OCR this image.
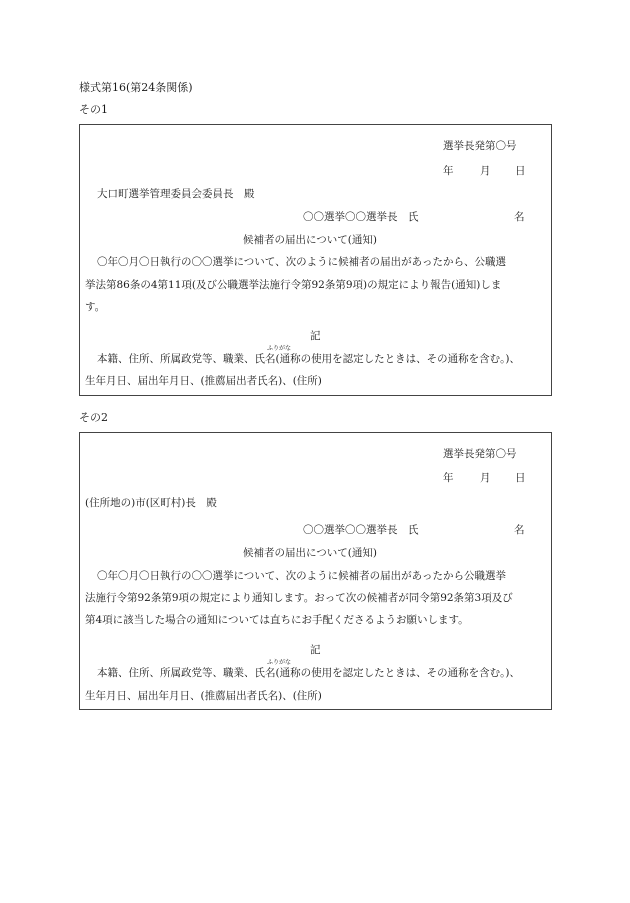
様式第16(第24条関係)
その1
選挙長発第〇号
年	月 日
大口町選挙管理委員会委員長　殿
〇〇選挙〇〇選挙長　氏	名
候補者の届出について(通知)
〇年〇月〇日執行の〇〇選挙について、次のように候補者の届出があったから、公職選
挙法第86条の4第11項(及び公職選挙法施行令第92条第9項)の規定により報告(通知)しま
す。
記
ふりがな
本籍、住所、所属政党等、職業、氏名(通称の使用を認定したときは、その通称を含む。)、
生年月日、届出年月日、(推薦届出者氏名)、(住所)
その2
選挙長発第〇号
年	月 日
(住所地の)市(区町村)長　殿
〇〇選挙〇〇選挙長　氏	名
候補者の届出について(通知)
〇年〇月〇日執行の〇〇選挙について、次のように候補者の届出があったから公職選挙
法施行令第92条第9項の規定により通知します。おって次の候補者が同令第92条第3項及び
第4項に該当した場合の通知については直ちにお手配くださるようお願いします。
記
ふりがな
本籍、住所、所属政党等、職業、氏名(通称の使用を認定したときは、その通称を含む。)、
生年月日、届出年月日、(推薦届出者氏名)、(住所)
